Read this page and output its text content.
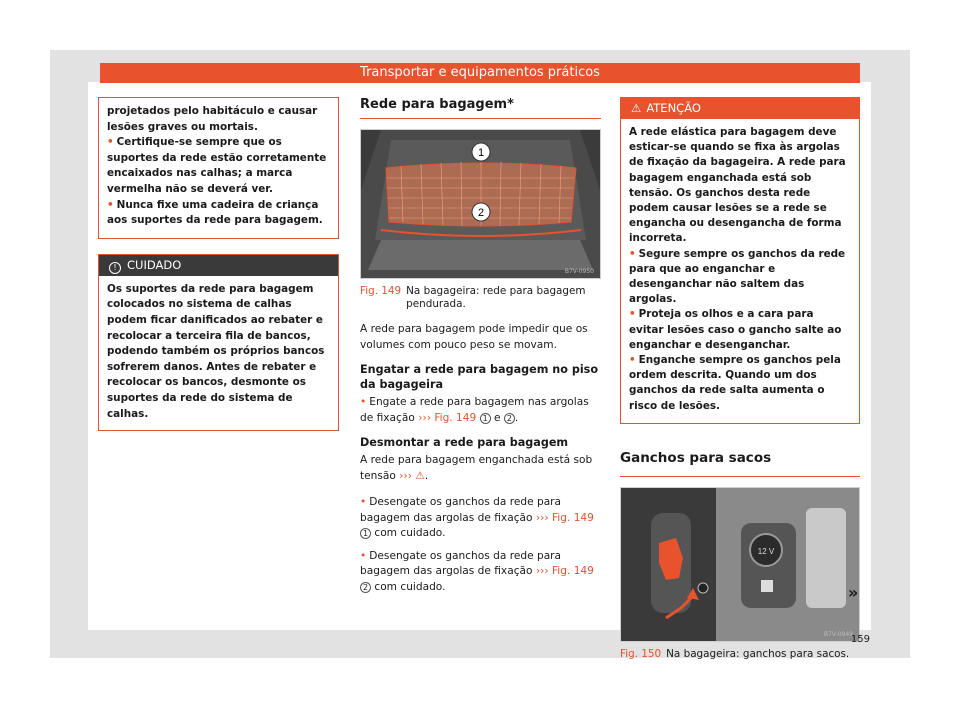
Transportar e equipamentos práticos

projetados pelo habitáculo e causar lesões graves ou mortais.

• Certifique-se sempre que os suportes da rede estão corretamente encaixados nas calhas; a marca vermelha não se deverá ver.

• Nunca fixe uma cadeira de criança aos suportes da rede para bagagem.

! CUIDADO
Os suportes da rede para bagagem colocados no sistema de calhas podem ficar danificados ao rebater e recolocar a terceira fila de bancos, podendo também os próprios bancos sofrerem danos. Antes de rebater e recolocar os bancos, desmonte os suportes da rede do sistema de calhas.
Rede para bagagem*
1
2
B7V-0950
Fig. 149 Na bagageira: rede para bagagem pendurada.

A rede para bagagem pode impedir que os volumes com pouco peso se movam.

Engatar a rede para bagagem no piso da bagageira

• Engate a rede para bagagem nas argolas de fixação ››› Fig. 149 1 e 2 .

Desmontar a rede para bagagem

A rede para bagagem enganchada está sob tensão ››› ⚠.

• Desengate os ganchos da rede para bagagem das argolas de fixação ››› Fig. 149 1 com cuidado.

• Desengate os ganchos da rede para bagagem das argolas de fixação ››› Fig. 149 2 com cuidado.

⚠ ATENÇÃO

A rede elástica para bagagem deve esticar-se quando se fixa às argolas de fixação da bagageira. A rede para bagagem enganchada está sob tensão. Os ganchos desta rede podem causar lesões se a rede se engancha ou desengancha de forma incorreta.

• Segure sempre os ganchos da rede para que ao enganchar e desenganchar não saltem das argolas.

• Proteja os olhos e a cara para evitar lesões caso o gancho salte ao enganchar e desenganchar.

• Enganche sempre os ganchos pela ordem descrita. Quando um dos ganchos da rede salta aumenta o risco de lesões.

Ganchos para sacos
12 V
B7V-0949
Fig. 150 Na bagageira: ganchos para sacos.
»
159
